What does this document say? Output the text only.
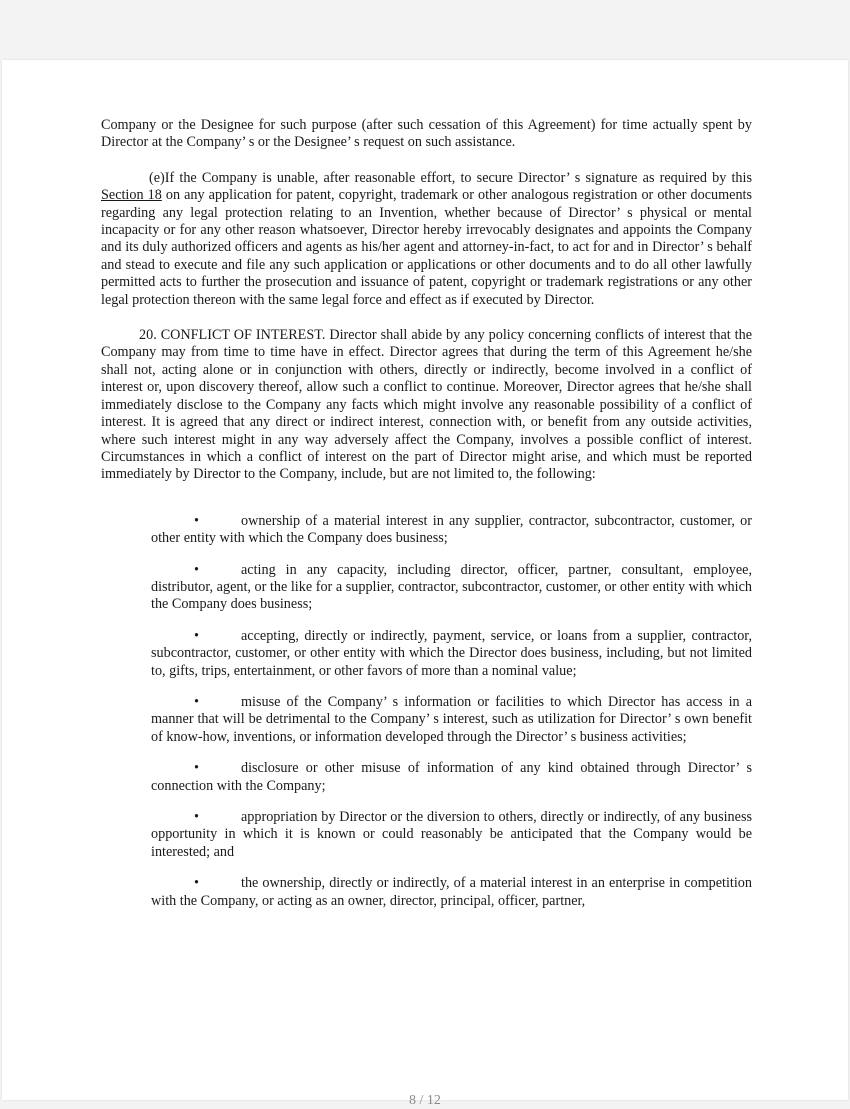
Company or the Designee for such purpose (after such cessation of this Agreement) for time actually spent by Director at the Company’ s or the Designee’ s request on such assistance.

(e)If the Company is unable, after reasonable effort, to secure Director’ s signature as required by this Section 18 on any application for patent, copyright, trademark or other analogous registration or other documents regarding any legal protection relating to an Invention, whether because of Director’ s physical or mental incapacity or for any other reason whatsoever, Director hereby irrevocably designates and appoints the Company and its duly authorized officers and agents as his/her agent and attorney-in-fact, to act for and in Director’ s behalf and stead to execute and file any such application or applications or other documents and to do all other lawfully permitted acts to further the prosecution and issuance of patent, copyright or trademark registrations or any other legal protection thereon with the same legal force and effect as if executed by Director.

20. CONFLICT OF INTEREST. Director shall abide by any policy concerning conflicts of interest that the Company may from time to time have in effect. Director agrees that during the term of this Agreement he/she shall not, acting alone or in conjunction with others, directly or indirectly, become involved in a conflict of interest or, upon discovery thereof, allow such a conflict to continue. Moreover, Director agrees that he/she shall immediately disclose to the Company any facts which might involve any reasonable possibility of a conflict of interest. It is agreed that any direct or indirect interest, connection with, or benefit from any outside activities, where such interest might in any way adversely affect the Company, involves a possible conflict of interest. Circumstances in which a conflict of interest on the part of Director might arise, and which must be reported immediately by Director to the Company, include, but are not limited to, the following:

•	ownership of a material interest in any supplier, contractor, subcontractor, customer, or other entity with which the Company does business;
•	acting in any capacity, including director, officer, partner, consultant, employee, distributor, agent, or the like for a supplier, contractor, subcontractor, customer, or other entity with which the Company does business;
•	accepting, directly or indirectly, payment, service, or loans from a supplier, contractor, subcontractor, customer, or other entity with which the Director does business, including, but not limited to, gifts, trips, entertainment, or other favors of more than a nominal value;
•	misuse of the Company’ s information or facilities to which Director has access in a manner that will be detrimental to the Company’ s interest, such as utilization for Director’ s own benefit of know-how, inventions, or information developed through the Director’ s business activities;
•	disclosure or other misuse of information of any kind obtained through Director’ s connection with the Company;
•	appropriation by Director or the diversion to others, directly or indirectly, of any business opportunity in which it is known or could reasonably be anticipated that the Company would be interested; and
•	the ownership, directly or indirectly, of a material interest in an enterprise in competition with the Company, or acting as an owner, director, principal, officer, partner,
8 / 12
